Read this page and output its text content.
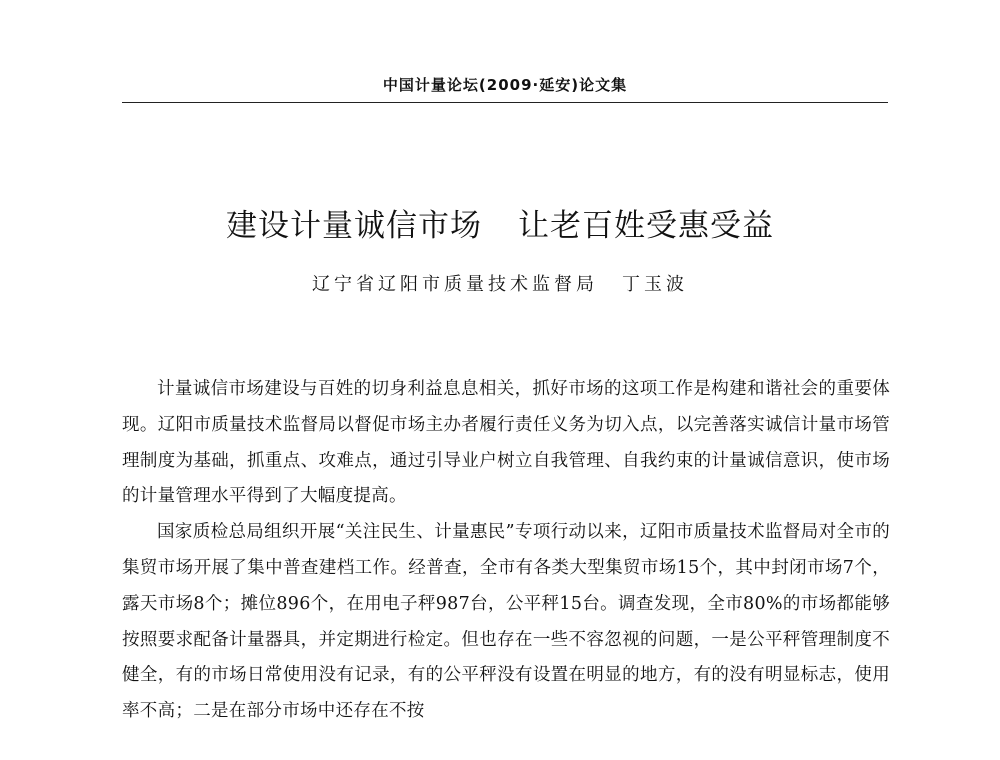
中国计量论坛(2009·延安)论文集
建设计量诚信市场 让老百姓受惠受益
辽宁省辽阳市质量技术监督局 丁玉波

计量诚信市场建设与百姓的切身利益息息相关，抓好市场的这项工作是构建和谐社会的重要体现。辽阳市质量技术监督局以督促市场主办者履行责任义务为切入点，以完善落实诚信计量市场管理制度为基础，抓重点、攻难点，通过引导业户树立自我管理、自我约束的计量诚信意识，使市场的计量管理水平得到了大幅度提高。

国家质检总局组织开展“关注民生、计量惠民”专项行动以来，辽阳市质量技术监督局对全市的集贸市场开展了集中普查建档工作。经普查，全市有各类大型集贸市场15个，其中封闭市场7个，露天市场8个；摊位896个，在用电子秤987台，公平秤15台。调查发现，全市80%的市场都能够按照要求配备计量器具，并定期进行检定。但也存在一些不容忽视的问题，一是公平秤管理制度不健全，有的市场日常使用没有记录，有的公平秤没有设置在明显的地方，有的没有明显标志，使用率不高；二是在部分市场中还存在不按
